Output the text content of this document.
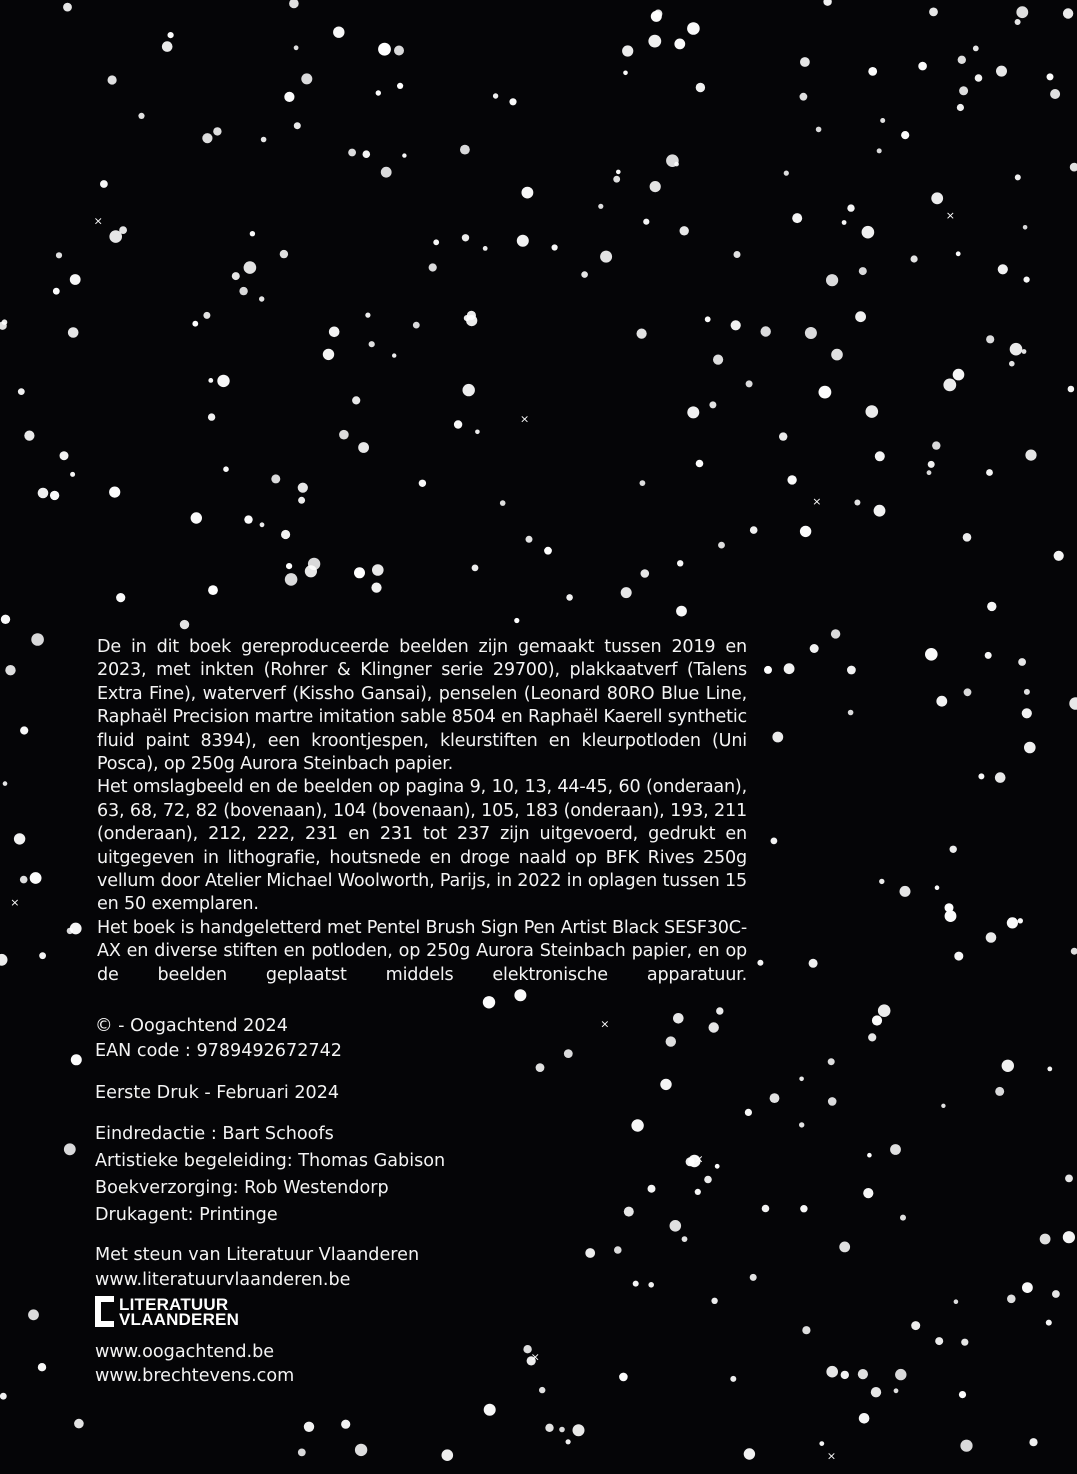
×
×
×
×
×
×
×
×
×

De in dit boek gereproduceerde beelden zijn gemaakt tussen 2019 en 2023, met inkten (Rohrer & Klingner serie 29700), plakkaatverf (Talens Extra Fine), waterverf (Kissho Gansai), penselen (Leonard 80RO Blue Line, Raphaël Precision martre imitation sable 8504 en Raphaël Kaerell synthetic fluid paint 8394), een kroontjespen, kleurstiften en kleurpotloden (Uni
Posca), op 250g Aurora Steinbach papier.

Het omslagbeeld en de beelden op pagina 9, 10, 13, 44-45, 60 (onderaan), 63, 68, 72, 82 (bovenaan), 104 (bovenaan), 105, 183 (onderaan), 193, 211 (onderaan), 212, 222, 231 en 231 tot 237 zijn uitgevoerd, gedrukt en uitgegeven in lithografie, houtsnede en droge naald op BFK Rives 250g vellum door Atelier Michael Woolworth, Parijs, in 2022 in oplagen tussen 15
en 50 exemplaren.

Het boek is handgeletterd met Pentel Brush Sign Pen Artist Black SESF30C-AX en diverse stiften en potloden, op 250g Aurora Steinbach papier, en op de beelden geplaatst middels elektronische apparatuur.

© - Oogachtend 2024
EAN code : 9789492672742
Eerste Druk - Februari 2024
Eindredactie : Bart Schoofs
Artistieke begeleiding: Thomas Gabison
Boekverzorging: Rob Westendorp
Drukagent: Printinge
Met steun van Literatuur Vlaanderen
www.literatuurvlaanderen.be
LITERATUUR
VLAANDEREN
www.oogachtend.be
www.brechtevens.com
